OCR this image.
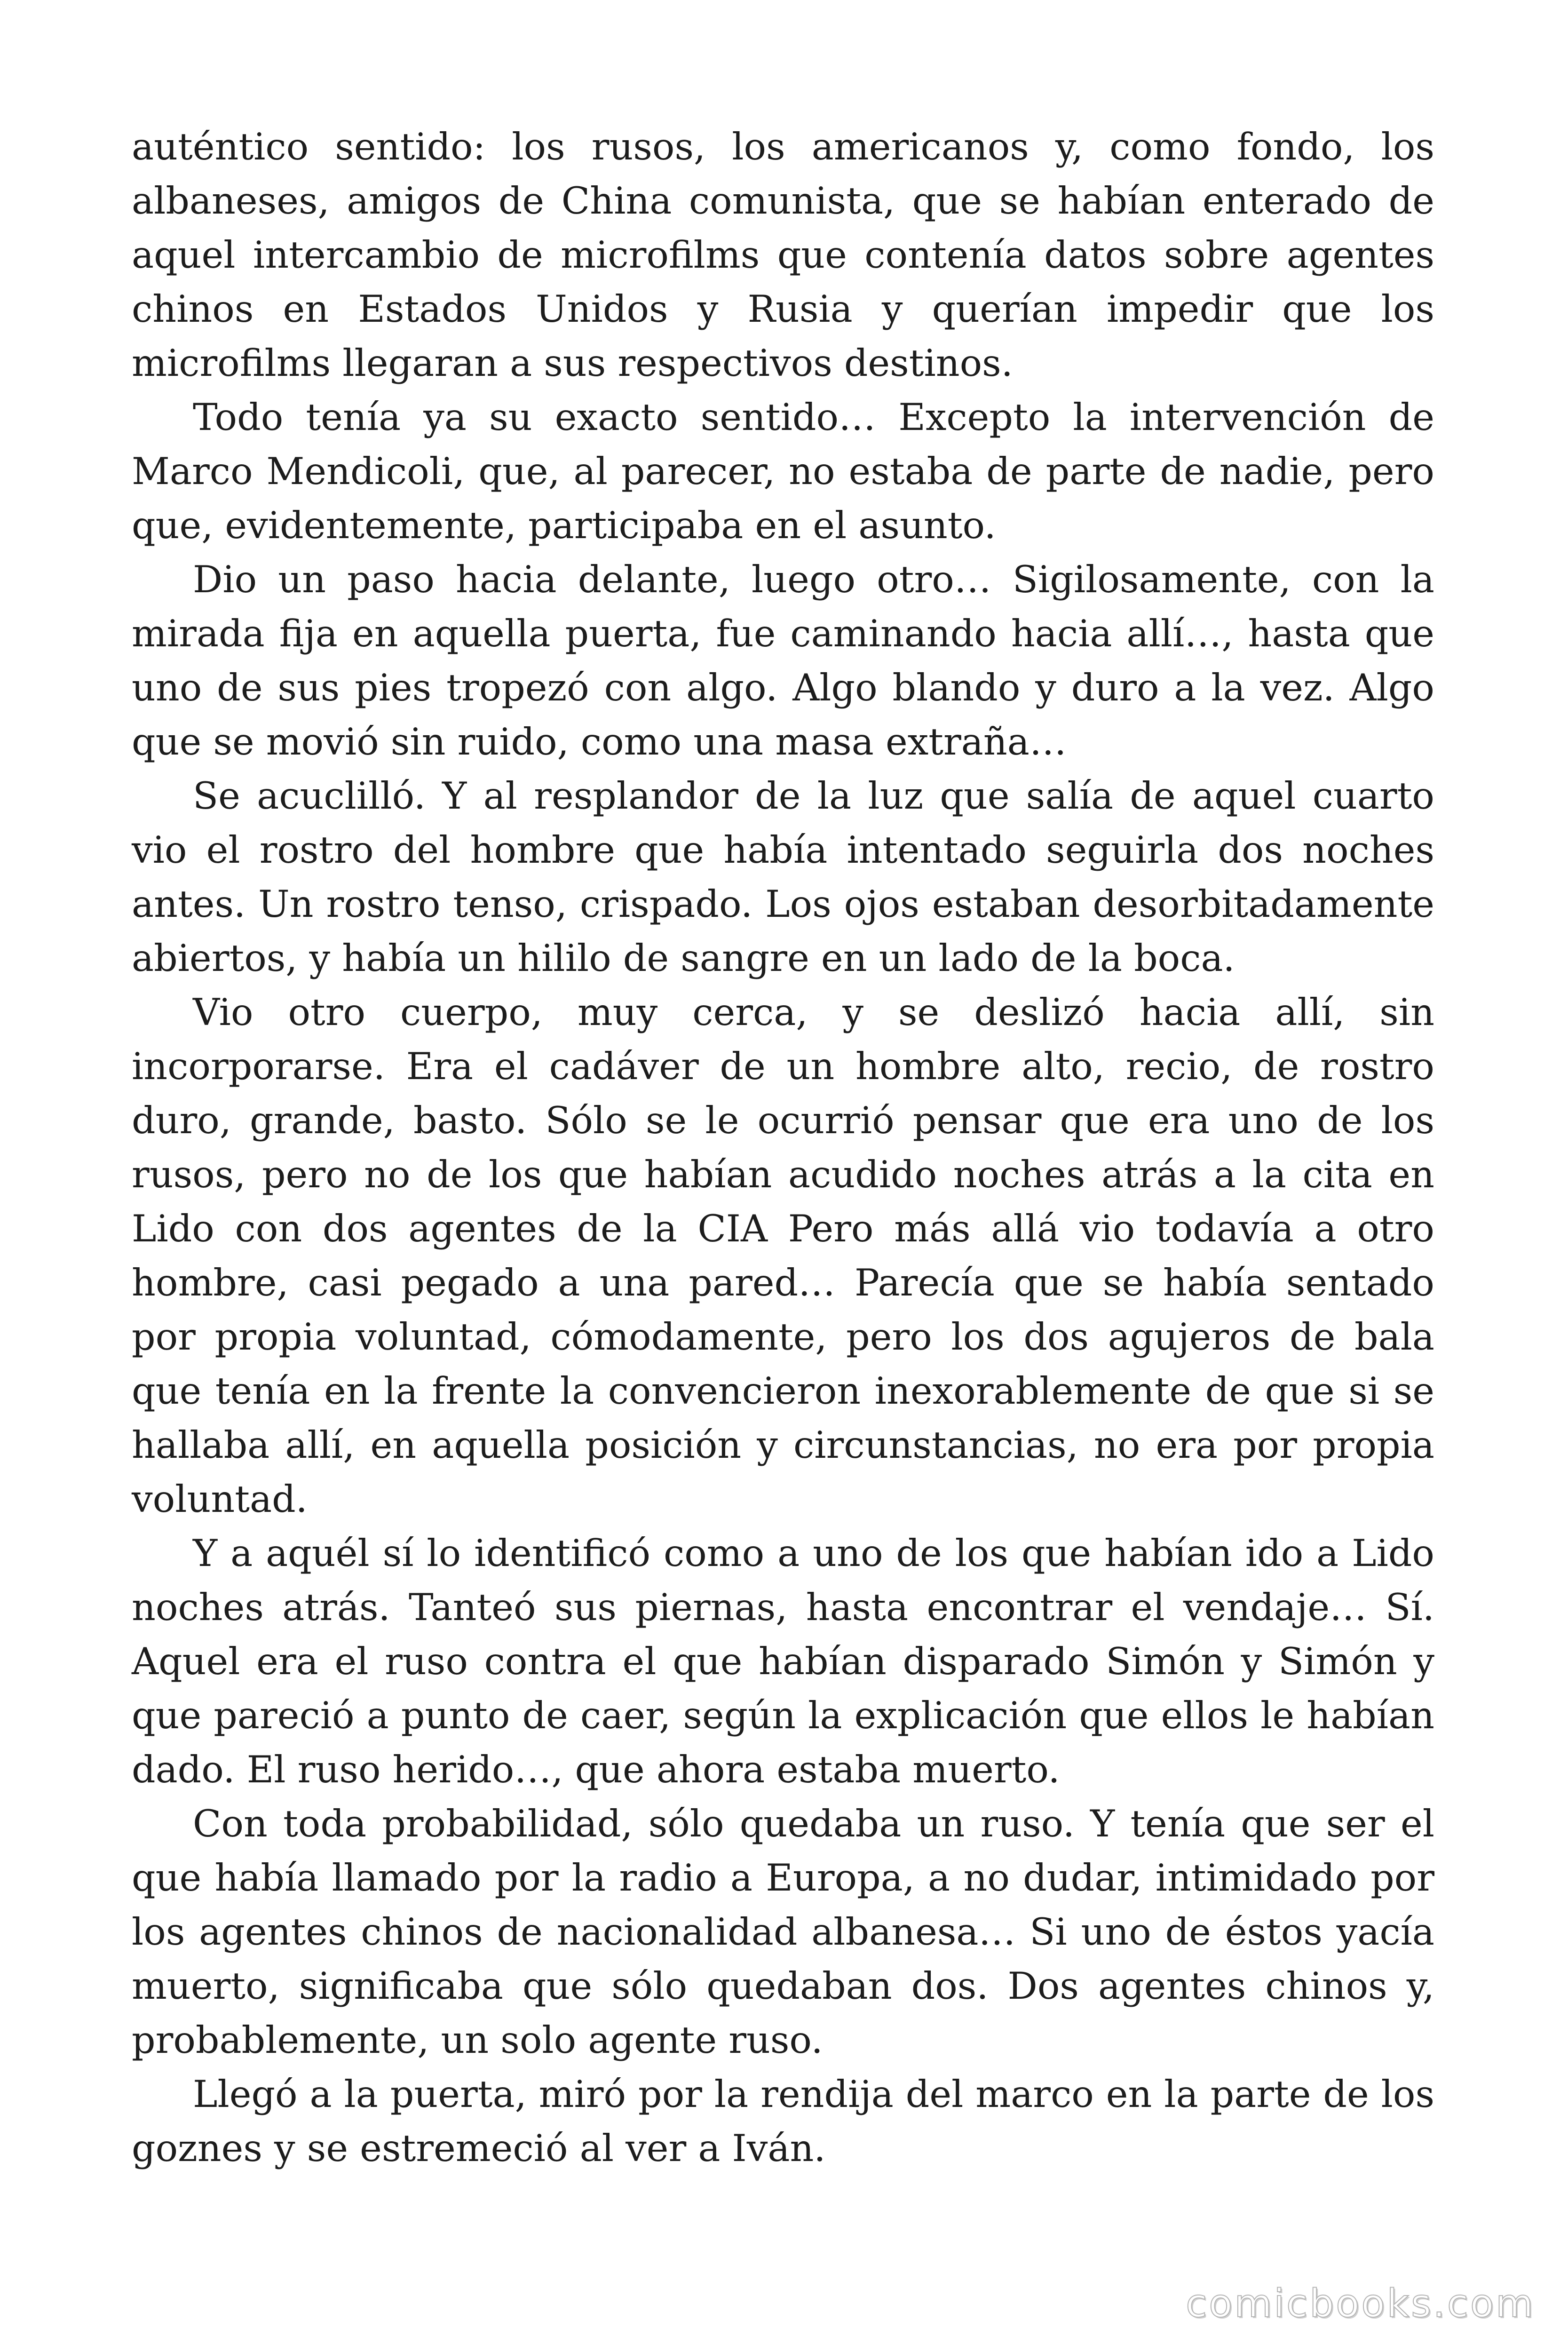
auténtico sentido: los rusos, los americanos y, como fondo, los albaneses, amigos de China comunista, que se habían enterado de aquel intercambio de microfilms que contenía datos sobre agentes chinos en Estados Unidos y Rusia y querían impedir que los microfilms llegaran a sus respectivos destinos.

Todo tenía ya su exacto sentido… Excepto la intervención de Marco Mendicoli, que, al parecer, no estaba de parte de nadie, pero que, evidentemente, participaba en el asunto.

Dio un paso hacia delante, luego otro… Sigilosamente, con la mirada fija en aquella puerta, fue caminando hacia allí…, hasta que uno de sus pies tropezó con algo. Algo blando y duro a la vez. Algo que se movió sin ruido, como una masa extraña…

Se acuclilló. Y al resplandor de la luz que salía de aquel cuarto vio el rostro del hombre que había intentado seguirla dos noches antes. Un rostro tenso, crispado. Los ojos estaban desorbitadamente abiertos, y había un hililo de sangre en un lado de la boca.

Vio otro cuerpo, muy cerca, y se deslizó hacia allí, sin incorporarse. Era el cadáver de un hombre alto, recio, de rostro duro, grande, basto. Sólo se le ocurrió pensar que era uno de los rusos, pero no de los que habían acudido noches atrás a la cita en Lido con dos agentes de la CIA Pero más allá vio todavía a otro hombre, casi pegado a una pared… Parecía que se había sentado por propia voluntad, cómodamente, pero los dos agujeros de bala que tenía en la frente la convencieron inexorablemente de que si se hallaba allí, en aquella posición y circunstancias, no era por propia voluntad.

Y a aquél sí lo identificó como a uno de los que habían ido a Lido noches atrás. Tanteó sus piernas, hasta encontrar el vendaje… Sí. Aquel era el ruso contra el que habían disparado Simón y Simón y que pareció a punto de caer, según la explicación que ellos le habían dado. El ruso herido…, que ahora estaba muerto.

Con toda probabilidad, sólo quedaba un ruso. Y tenía que ser el que había llamado por la radio a Europa, a no dudar, intimidado por los agentes chinos de nacionalidad albanesa… Si uno de éstos yacía muerto, significaba que sólo quedaban dos. Dos agentes chinos y, probablemente, un solo agente ruso.

Llegó a la puerta, miró por la rendija del marco en la parte de los goznes y se estremeció al ver a Iván.

comicbooks.com
